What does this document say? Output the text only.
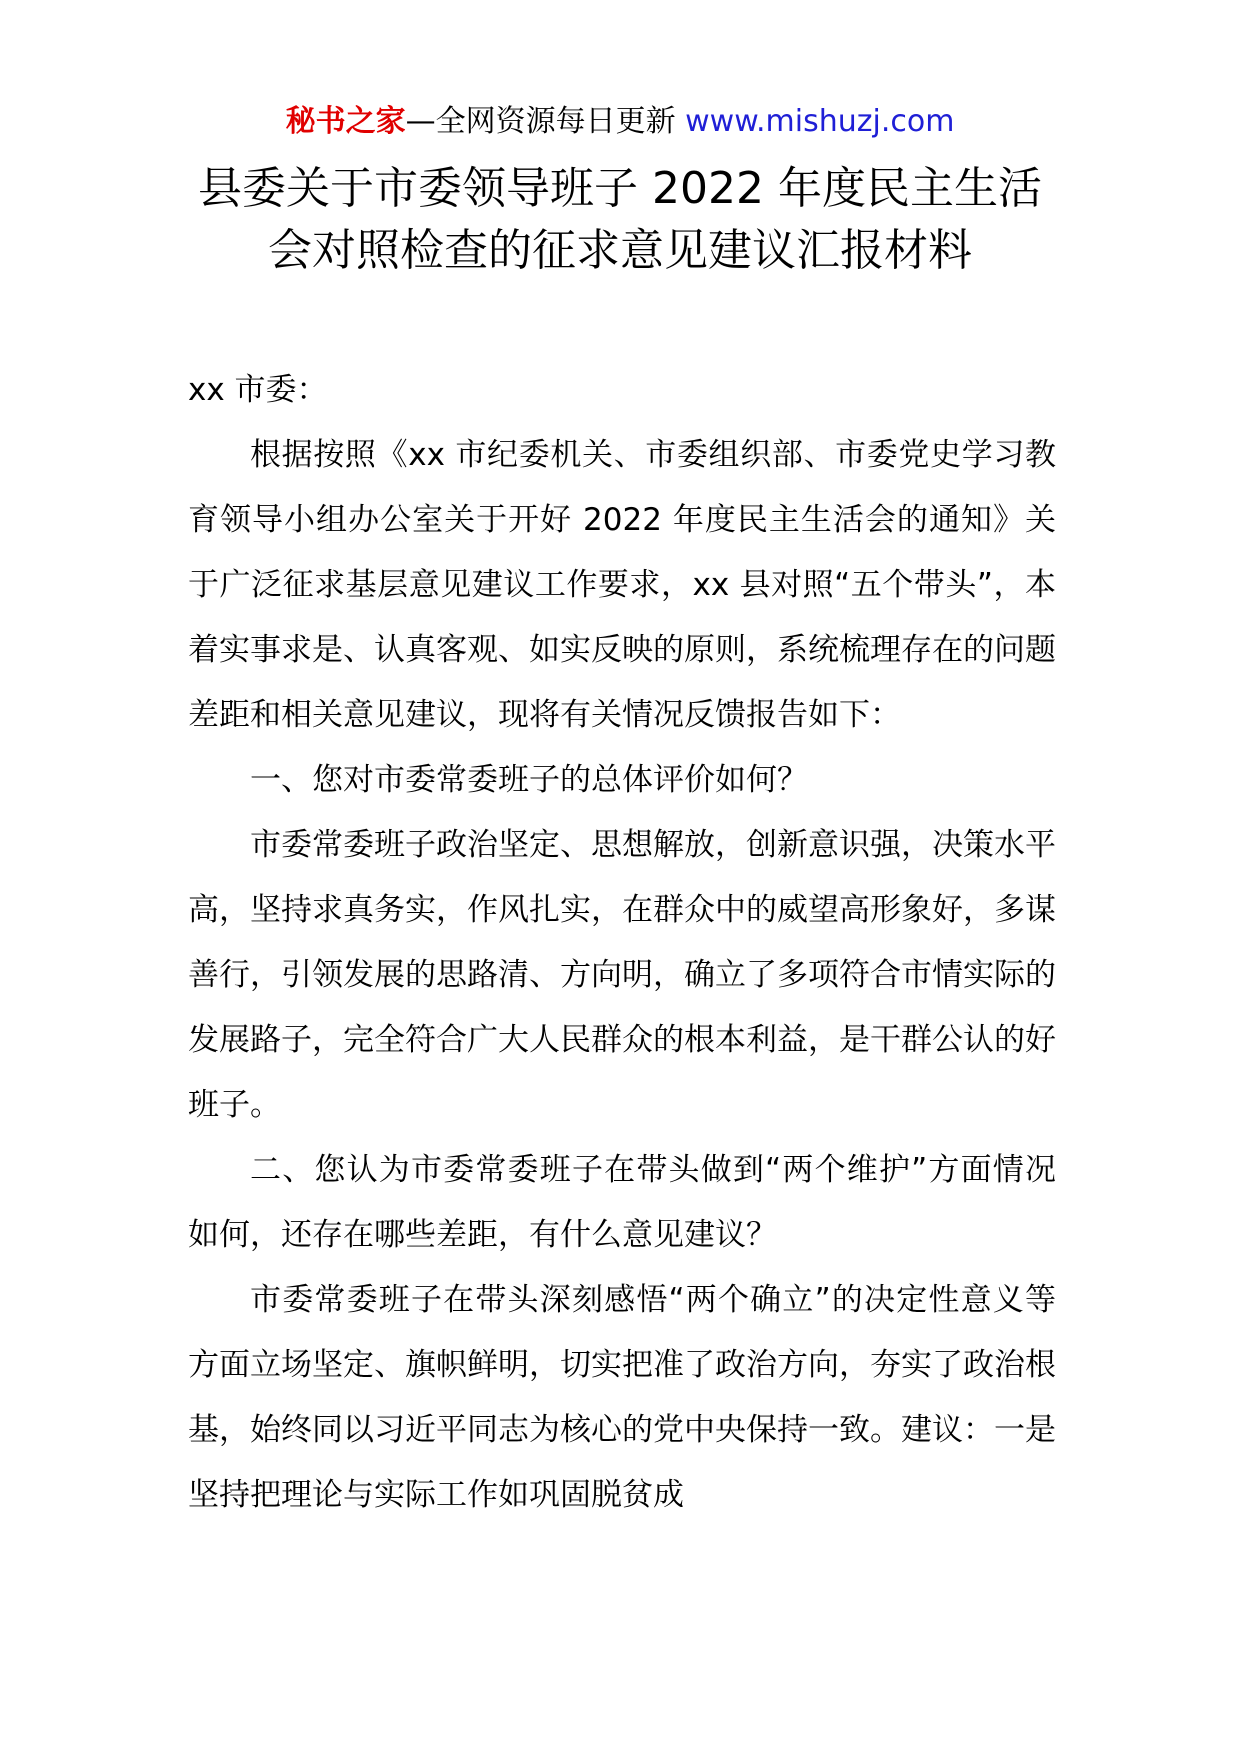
秘书之家—全网资源每日更新 www.mishuzj.com
县委关于市委领导班子 2022 年度民主生活
会对照检查的征求意见建议汇报材料

xx 市委：

根据按照《xx 市纪委机关、市委组织部、市委党史学习教育领导小组办公室关于开好 2022 年度民主生活会的通知》关于广泛征求基层意见建议工作要求，xx 县对照“五个带头”，本着实事求是、认真客观、如实反映的原则，系统梳理存在的问题差距和相关意见建议，现将有关情况反馈报告如下：

一、您对市委常委班子的总体评价如何？

市委常委班子政治坚定、思想解放，创新意识强，决策水平高，坚持求真务实，作风扎实，在群众中的威望高形象好，多谋善行，引领发展的思路清、方向明，确立了多项符合市情实际的发展路子，完全符合广大人民群众的根本利益，是干群公认的好班子。

二、您认为市委常委班子在带头做到“两个维护”方面情况如何，还存在哪些差距，有什么意见建议？

市委常委班子在带头深刻感悟“两个确立”的决定性意义等方面立场坚定、旗帜鲜明，切实把准了政治方向，夯实了政治根基，始终同以习近平同志为核心的党中央保持一致。建议：一是坚持把理论与实际工作如巩固脱贫成
